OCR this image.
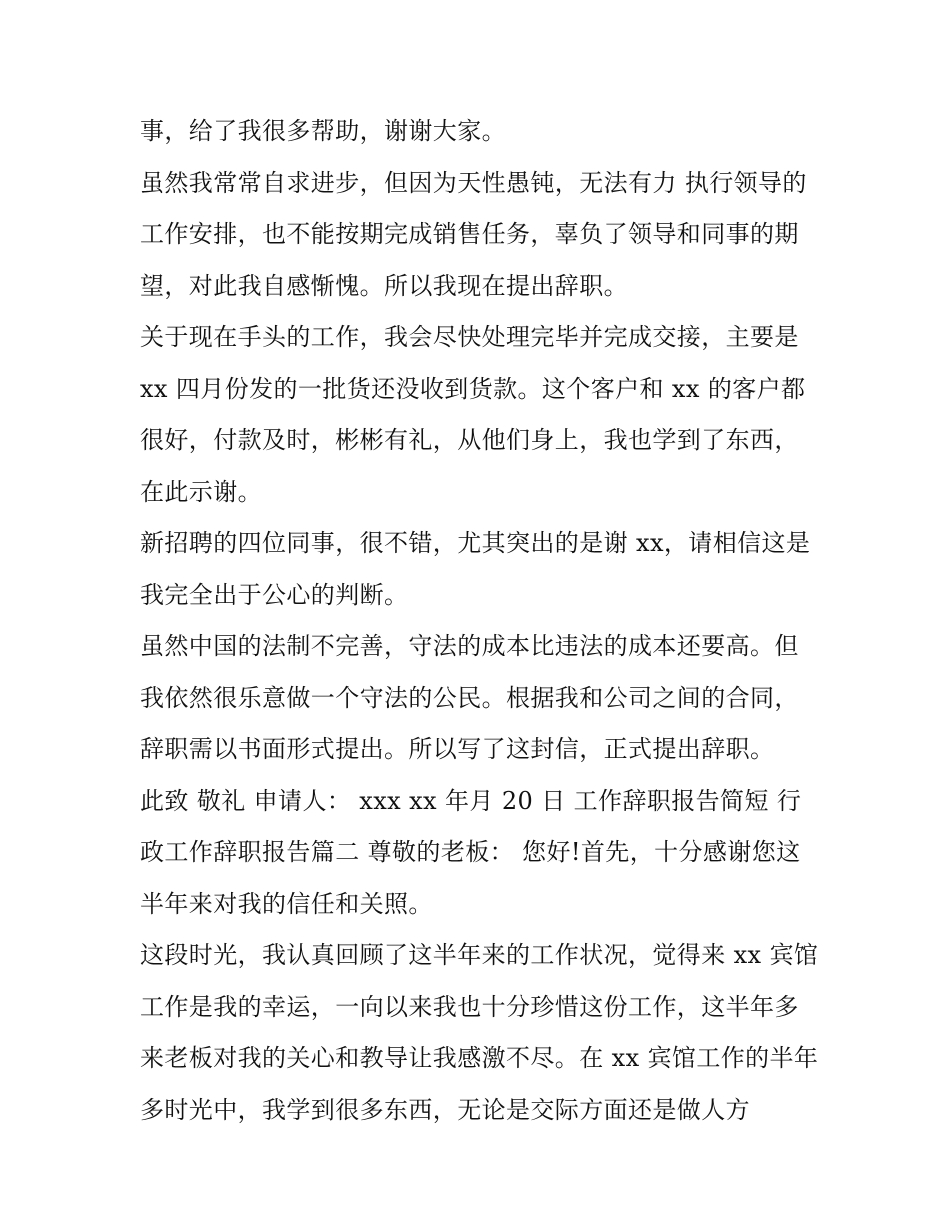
事，给了我很多帮助，谢谢大家。

虽然我常常自求进步，但因为天性愚钝，无法有力 执行领导的工作安排，也不能按期完成销售任务，辜负了领导和同事的期望，对此我自感惭愧。所以我现在提出辞职。

关于现在手头的工作，我会尽快处理完毕并完成交接，主要是 xx 四月份发的一批货还没收到货款。这个客户和 xx 的客户都很好，付款及时，彬彬有礼，从他们身上，我也学到了东西，在此示谢。

新招聘的四位同事，很不错，尤其突出的是谢 xx，请相信这是我完全出于公心的判断。

虽然中国的法制不完善，守法的成本比违法的成本还要高。但我依然很乐意做一个守法的公民。根据我和公司之间的合同，辞职需以书面形式提出。所以写了这封信，正式提出辞职。

此致 敬礼 申请人： xxx xx 年月 20 日 工作辞职报告简短 行政工作辞职报告篇二 尊敬的老板： 您好!首先，十分感谢您这半年来对我的信任和关照。

这段时光，我认真回顾了这半年来的工作状况，觉得来 xx 宾馆工作是我的幸运，一向以来我也十分珍惜这份工作，这半年多来老板对我的关心和教导让我感激不尽。在 xx 宾馆工作的半年多时光中，我学到很多东西，无论是交际方面还是做人方
